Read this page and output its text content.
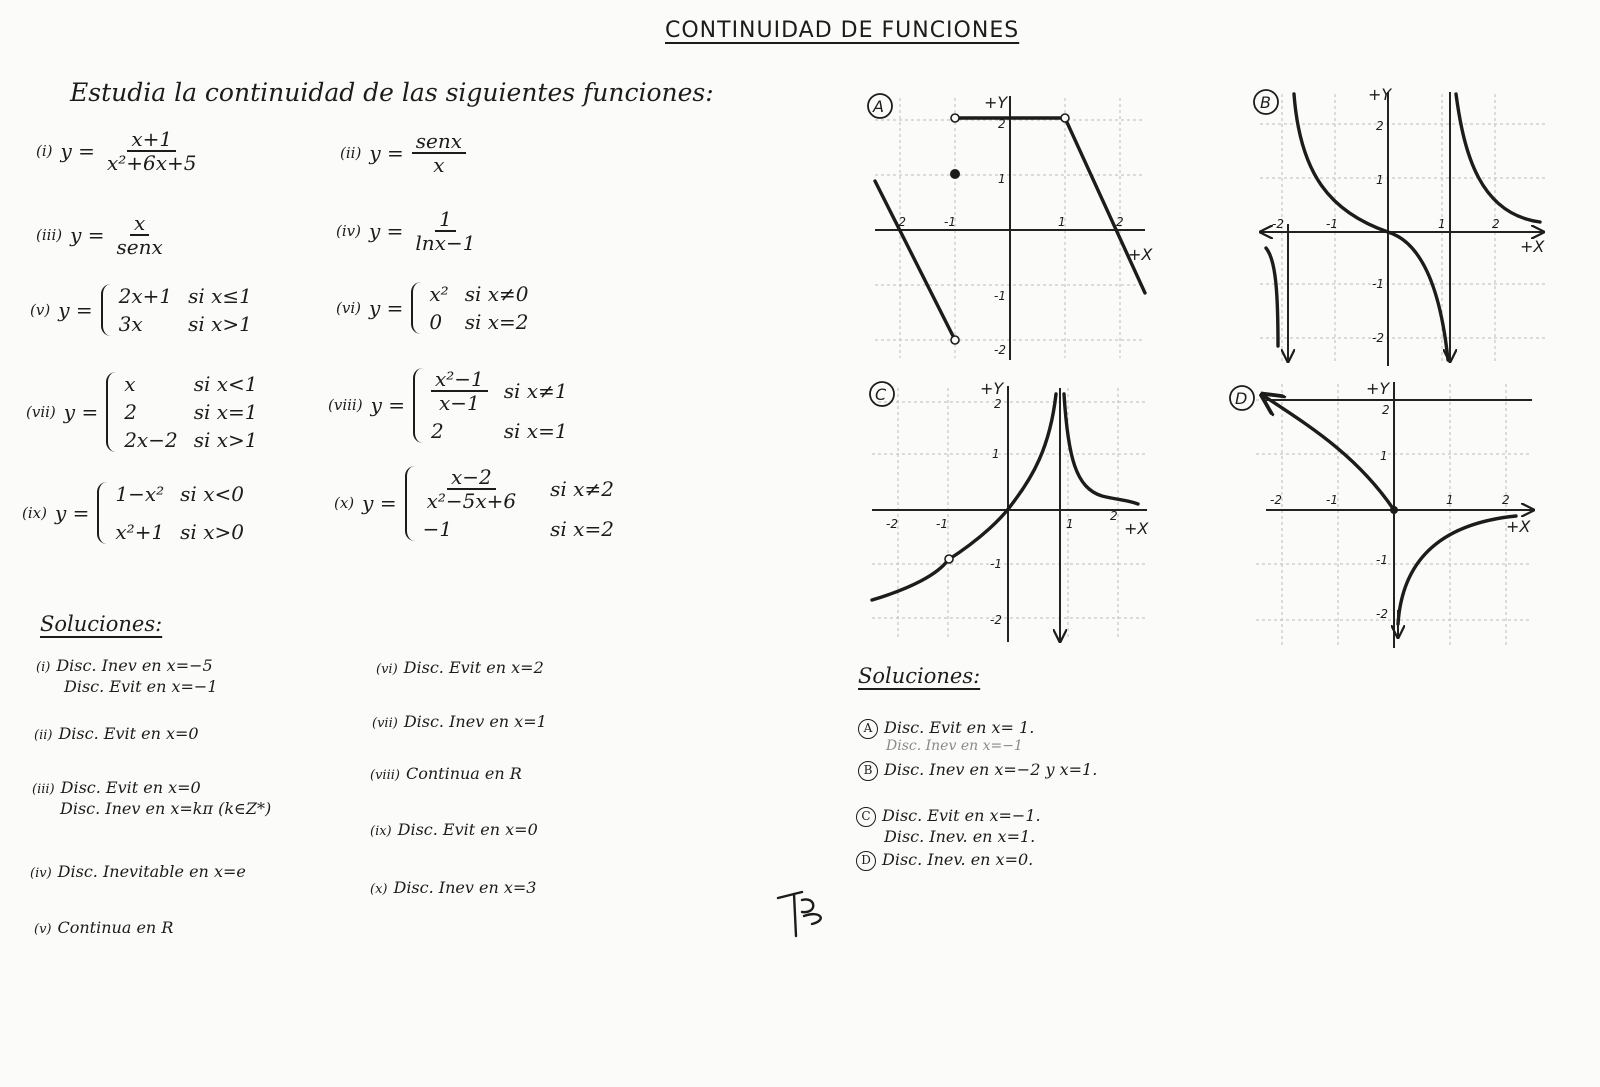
CONTINUIDAD DE FUNCIONES
Estudia la continuidad de las siguientes funciones:
(i) $y = \frac{x+1}{\text{x²+6x+5}}$	(ii) $y = \frac{\text{senx}}{x}$
(iii) $y = \frac{x}{\text{senx}}$	(iv) $y = \frac{1}{\ln x-1}$
(v) y =
2x+1 si x≤1
3x	si x>1
(vi) y =
x² si x≠0
0	si x=2
(vii) y =
x	si x<1
2	si x=1
2x−2 si x>1
(viii) $y = \frac{\text{x²−1}}{x-1}$ si x≠1
2	si x=1
(ix) y =
1−x² si x<0
x²+1 si x>0
(x) $y = \frac{x-2}{\text{x²−5x+6}}$ si x≠2
−1	si x=2
Soluciones:
(i) Disc. Inev en x=−5
Disc. Evit en x=−1
(ii) Disc. Evit en x=0
(iii) Disc. Evit en x=0
Disc. Inev en x=kπ (k∈Z*)
(iv) Disc. Inevitable en x=e
(v) Continua en R
(vi) Disc. Evit en x=2
(vii) Disc. Inev en x=1
(viii) Continua en R
(ix) Disc. Evit en x=0
(x) Disc. Inev en x=3
A	+Y
+X
-2	-1	1	2
2
1
-1
-2
B	+Y
+X
-2	-1	1	2
2
1
-1
-2
C	+Y
+X
-2	-1	1
2
2
1
-1
-2
D
+Y
+X
-2	-1	1	2
2
1
-1
-2
Soluciones:
A Disc. Evit en x= 1.
Disc. Inev en x=−1
B Disc. Inev en x=−2 y x=1.
C Disc. Evit en x=−1.
Disc. Inev. en x=1.
D Disc. Inev. en x=0.
